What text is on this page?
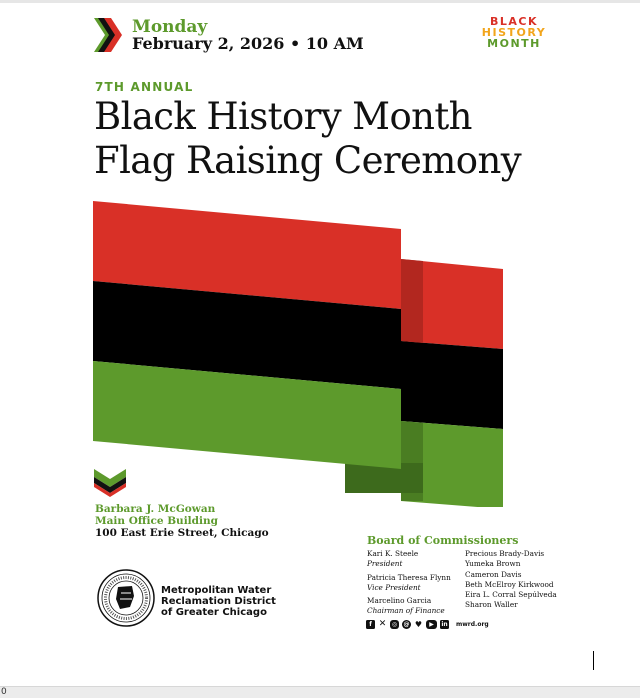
Monday
February 2, 2026 • 10 AM
BLACK
HISTORY
MONTH
7TH ANNUAL
Black History Month
Flag Raising Ceremony
Barbara J. McGowan
Main Office Building
100 East Erie Street, Chicago
Metropolitan Water
Reclamation District
of Greater Chicago
Board of Commissioners
Kari K. Steele
President
Patricia Theresa Flynn
Vice President
Marcelino Garcia
Chairman of Finance
Precious Brady-Davis
Yumeka Brown
Cameron Davis
Beth McElroy Kirkwood
Eira L. Corral Sepúlveda
Sharon Waller
f ✕ ◎	@ ♥	▶	in mwrd.org
0
